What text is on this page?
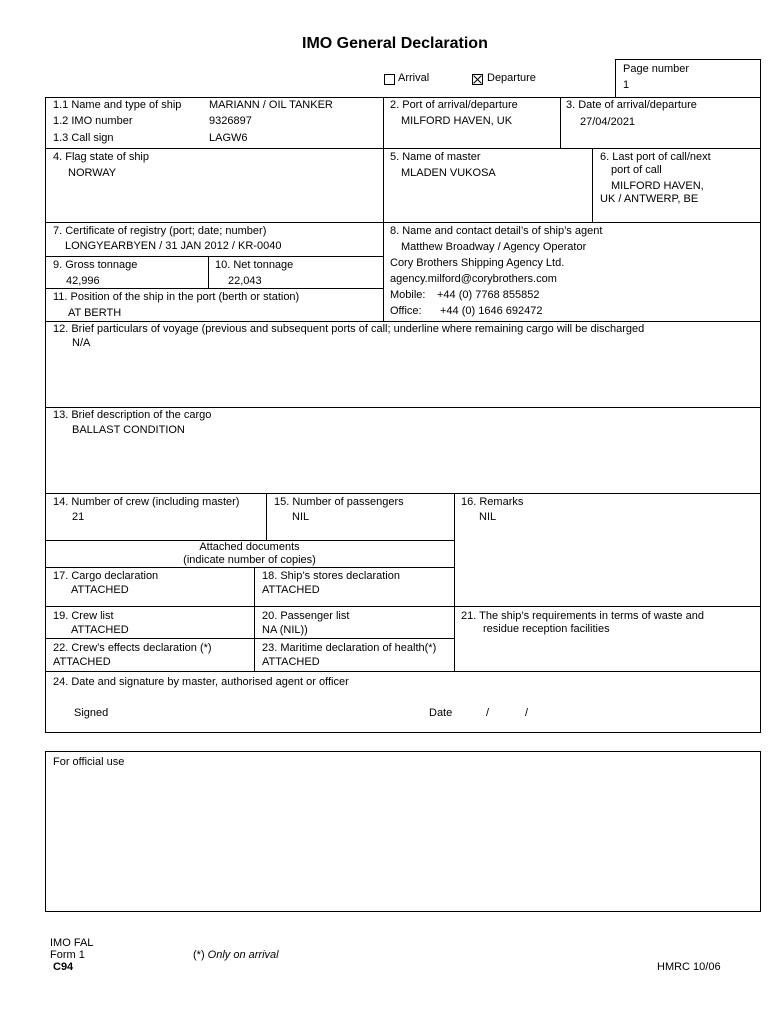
IMO General Declaration
Arrival	Departure
Page number
1
1.1 Name and type of ship	MARIANN / OIL TANKER
1.2 IMO number	9326897
1.3 Call sign	LAGW6
2. Port of arrival/departure
MILFORD HAVEN, UK
3. Date of arrival/departure
27/04/2021
4. Flag state of ship
NORWAY
5. Name of master
MLADEN VUKOSA
6. Last port of call/next
port of call
MILFORD HAVEN,
UK / ANTWERP, BE
7. Certificate of registry (port; date; number)
LONGYEARBYEN / 31 JAN 2012 / KR-0040
9. Gross tonnage
42,996
10. Net tonnage
22,043
11. Position of the ship in the port (berth or station)
AT BERTH
8. Name and contact detail’s of ship’s agent
Matthew Broadway / Agency Operator
Cory Brothers Shipping Agency Ltd.
agency.milford@corybrothers.com
Mobile: +44 (0) 7768 855852
Office: +44 (0) 1646 692472
12. Brief particulars of voyage (previous and subsequent ports of call; underline where remaining cargo will be discharged
N/A
13. Brief description of the cargo
BALLAST CONDITION
14. Number of crew (including master)
21
15. Number of passengers
NIL
16. Remarks
NIL
Attached documents
(indicate number of copies)
17. Cargo declaration
ATTACHED
18. Ship’s stores declaration
ATTACHED
19. Crew list
ATTACHED
20. Passenger list
NA (NIL))
21. The ship’s requirements in terms of waste and
residue reception facilities
22. Crew’s effects declaration (*)
ATTACHED
23. Maritime declaration of health(*)
ATTACHED
24. Date and signature by master, authorised agent or officer
Signed	Date	/	/
For official use
IMO FAL
Form 1
C94
(*) Only on arrival
HMRC 10/06
